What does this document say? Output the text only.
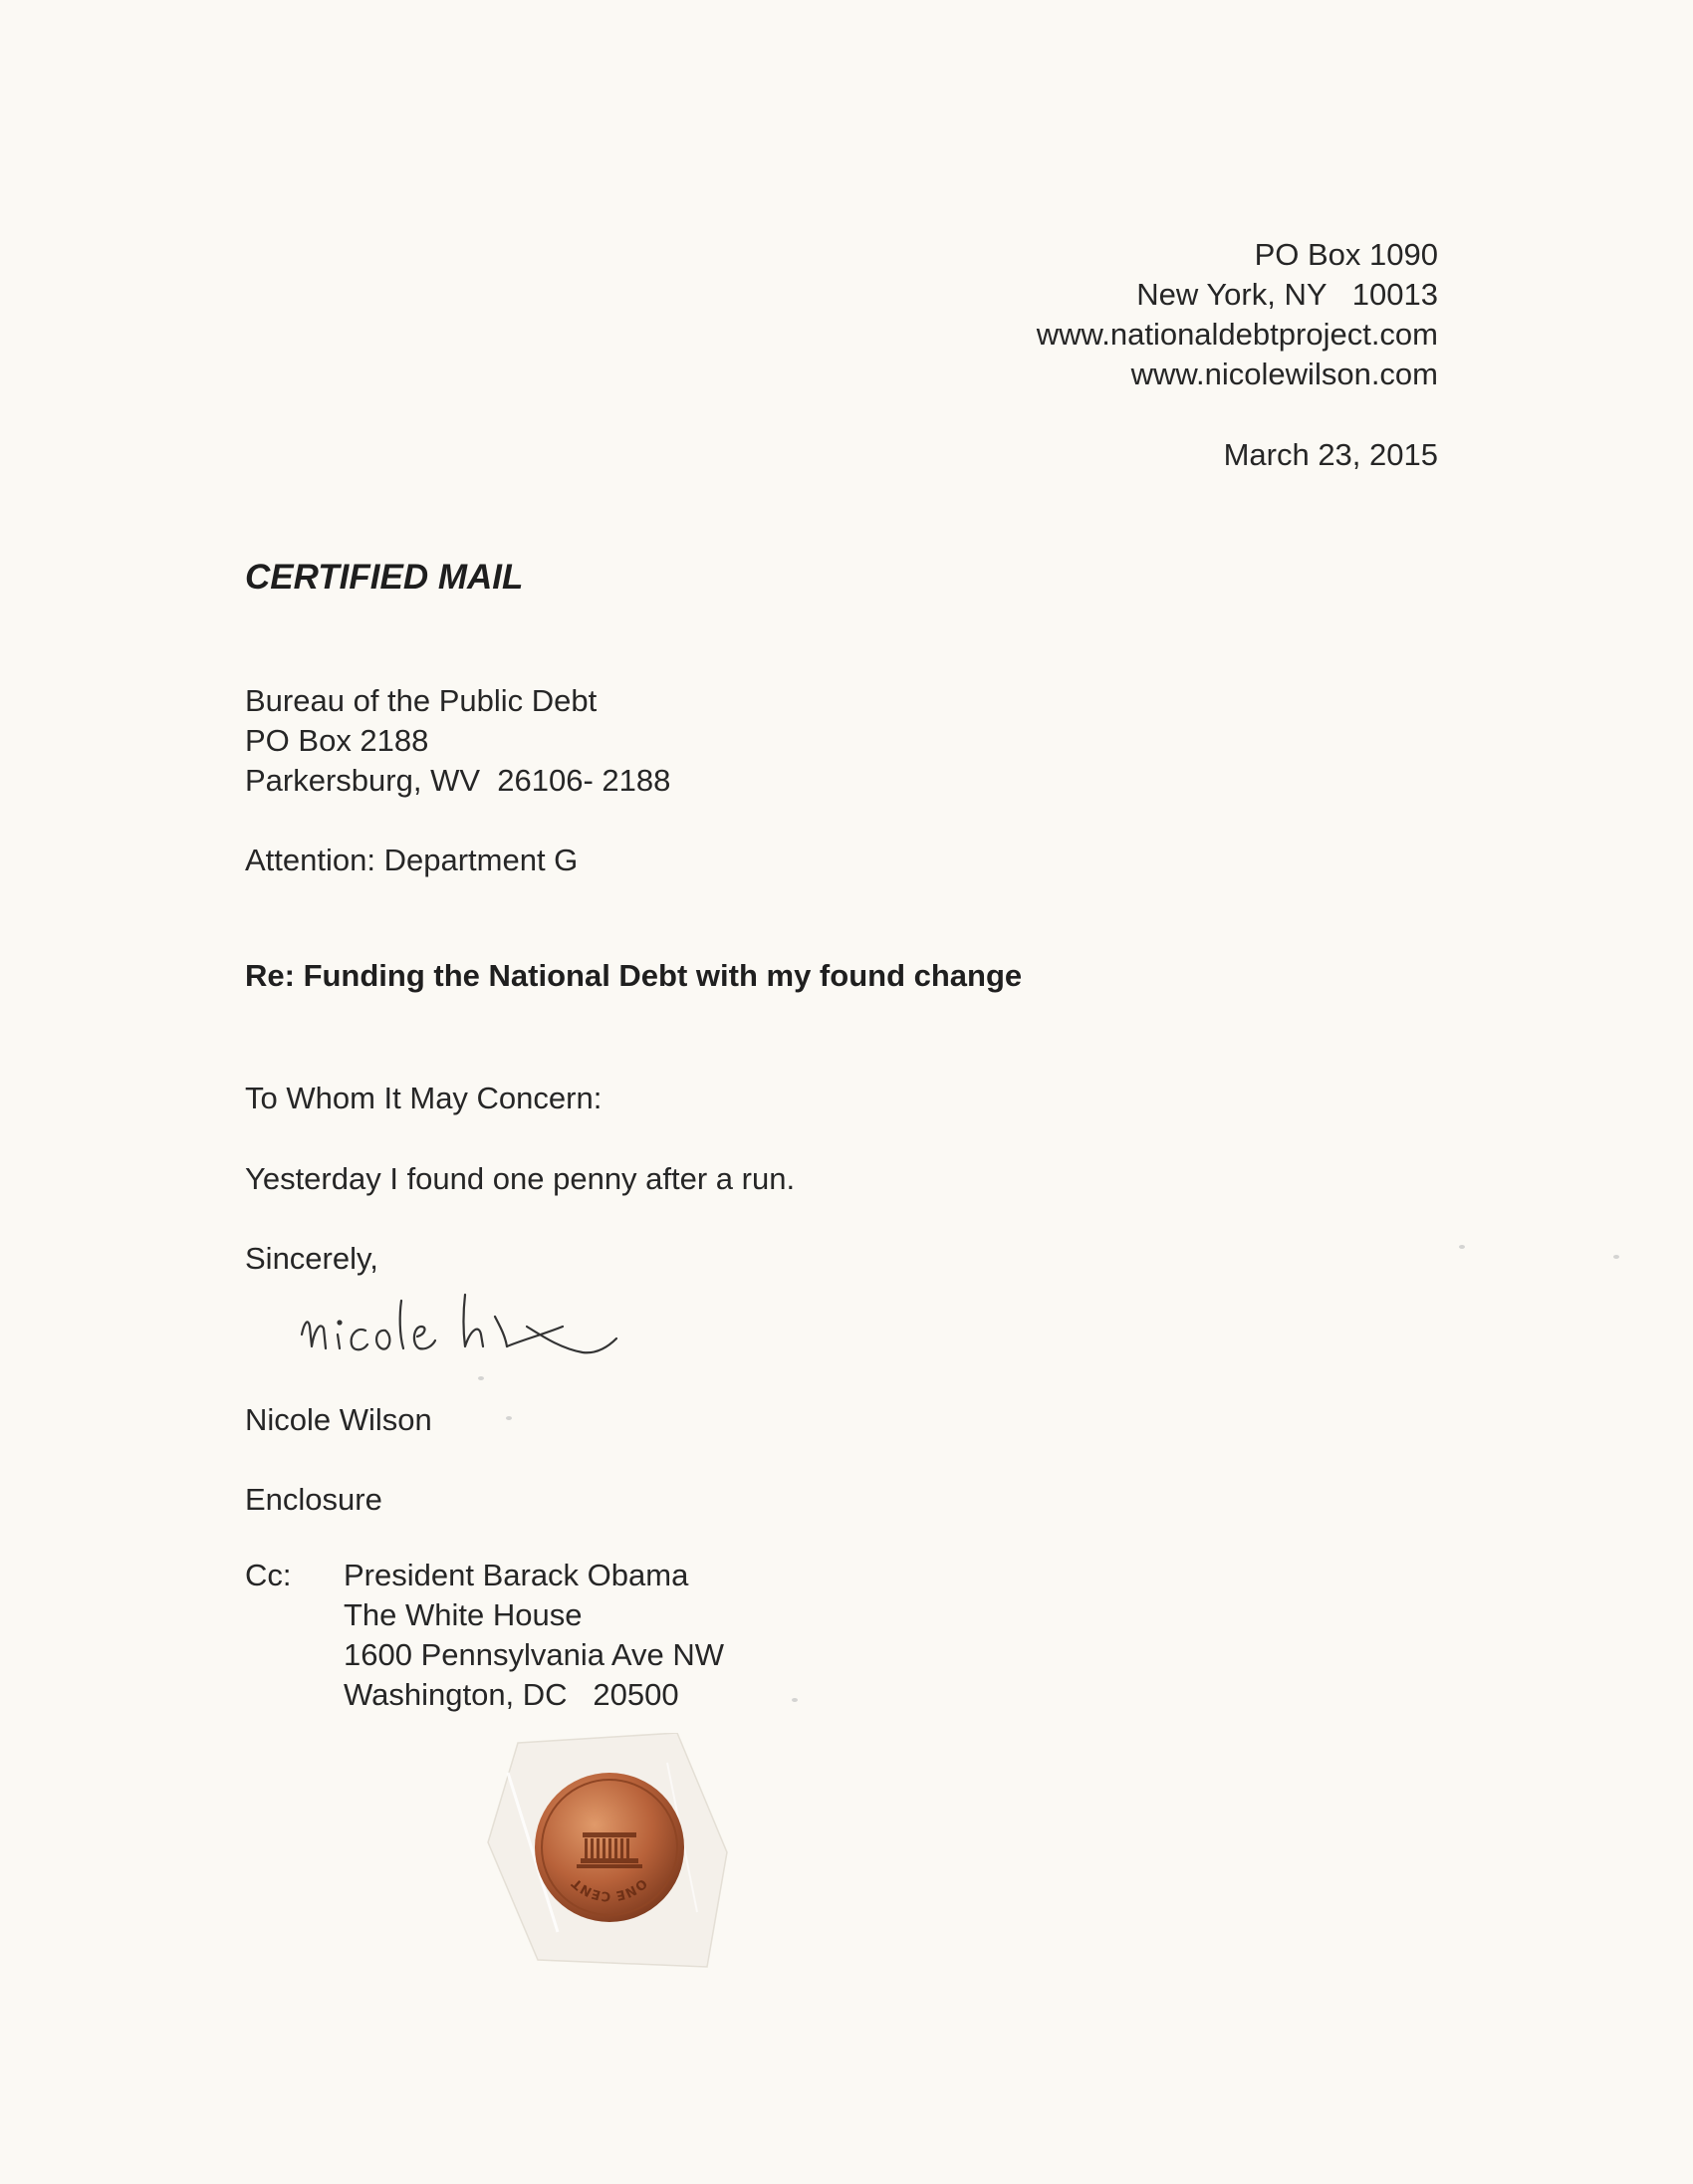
PO Box 1090
New York, NY   10013
www.nationaldebtproject.com
www.nicolewilson.com
March 23, 2015
CERTIFIED MAIL
Bureau of the Public Debt
PO Box 2188
Parkersburg, WV  26106- 2188
Attention: Department G
Re: Funding the National Debt with my found change
To Whom It May Concern:
Yesterday I found one penny after a run.
Sincerely,
Nicole Wilson
Enclosure
Cc: President Barack Obama
The White House
1600 Pennsylvania Ave NW
Washington, DC   20500
ONE CENT
